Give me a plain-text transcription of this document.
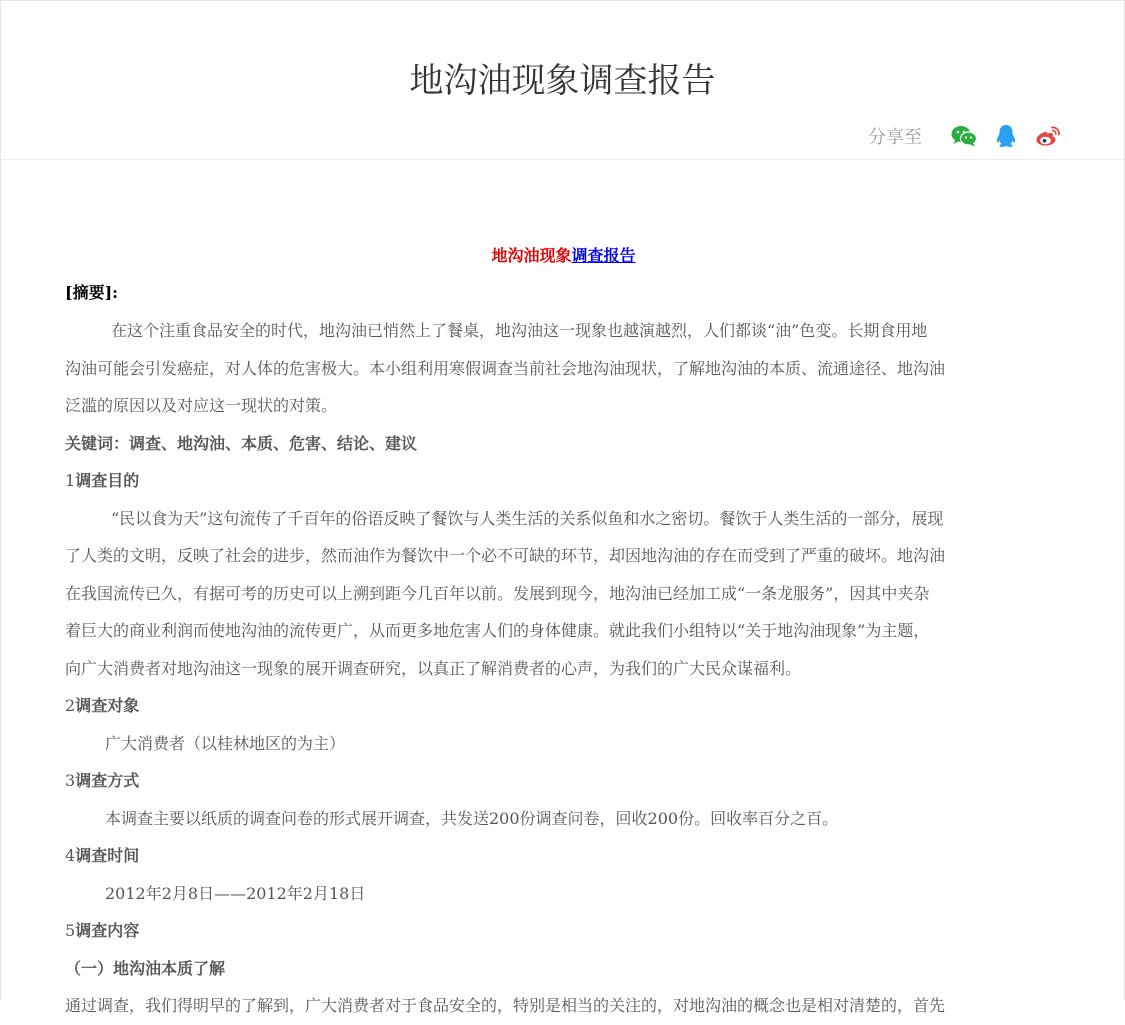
地沟油现象调查报告
分享至
地沟油现象调查报告
[摘要]:
在这个注重食品安全的时代，地沟油已悄然上了餐桌，地沟油这一现象也越演越烈，人们都谈“油”色变。长期食用地
沟油可能会引发癌症，对人体的危害极大。本小组利用寒假调查当前社会地沟油现状，了解地沟油的本质、流通途径、地沟油
泛滥的原因以及对应这一现状的对策。
关键词：调查、地沟油、本质、危害、结论、建议
1调查目的
“民以食为天”这句流传了千百年的俗语反映了餐饮与人类生活的关系似鱼和水之密切。餐饮于人类生活的一部分，展现
了人类的文明，反映了社会的进步，然而油作为餐饮中一个必不可缺的环节，却因地沟油的存在而受到了严重的破坏。地沟油
在我国流传已久，有据可考的历史可以上溯到距今几百年以前。发展到现今，地沟油已经加工成“一条龙服务”，因其中夹杂
着巨大的商业利润而使地沟油的流传更广，从而更多地危害人们的身体健康。就此我们小组特以“关于地沟油现象”为主题，
向广大消费者对地沟油这一现象的展开调查研究，以真正了解消费者的心声，为我们的广大民众谋福利。
2调查对象
广大消费者（以桂林地区的为主）
3调查方式
本调查主要以纸质的调查问卷的形式展开调查，共发送200份调查问卷，回收200份。回收率百分之百。
4调查时间
2012年2月8日——2012年2月18日
5调查内容
（一）地沟油本质了解
通过调查，我们得明早的了解到，广大消费者对于食品安全的，特别是相当的关注的，对地沟油的概念也是相对清楚的，首先
